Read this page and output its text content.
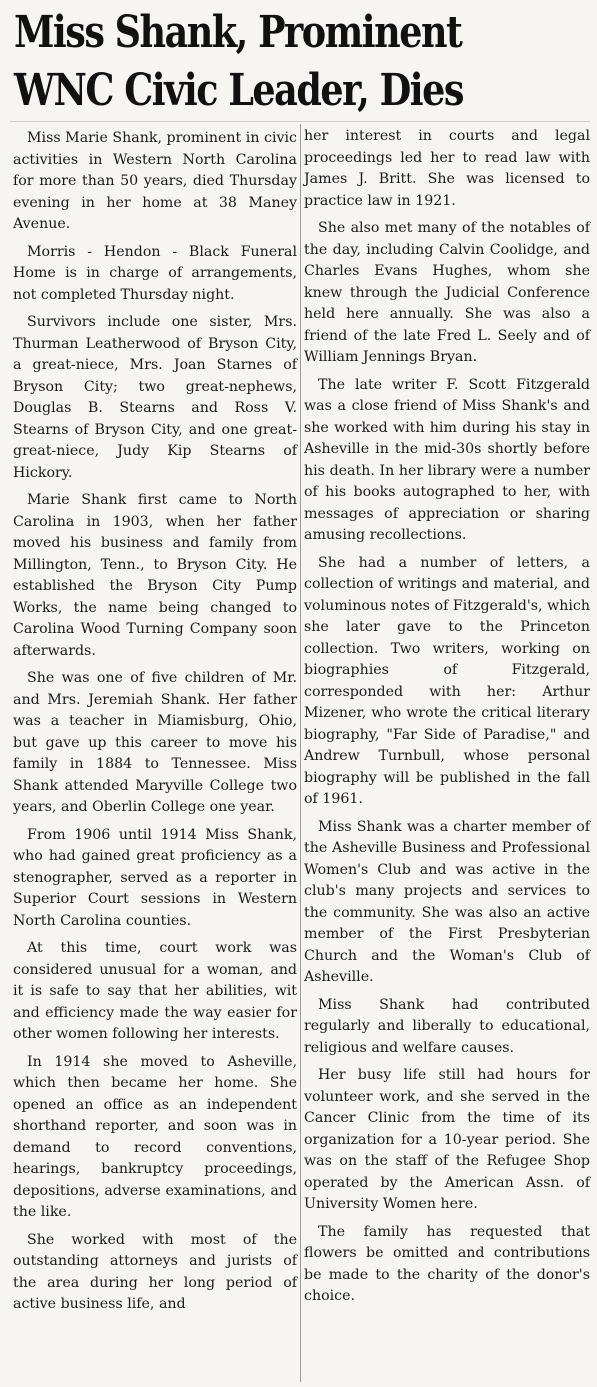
Miss Shank, Prominent
WNC Civic Leader, Dies

Miss Marie Shank, prominent in civic activities in Western North Carolina for more than 50 years, died Thursday evening in her home at 38 Maney Avenue.

Morris - Hendon - Black Funeral Home is in charge of arrangements, not completed Thursday night.

Survivors include one sister, Mrs. Thurman Leatherwood of Bryson City, a great-niece, Mrs. Joan Starnes of Bryson City; two great-nephews, Douglas B. Stearns and Ross V. Stearns of Bryson City, and one great-great-niece, Judy Kip Stearns of Hickory.

Marie Shank first came to North Carolina in 1903, when her father moved his business and family from Millington, Tenn., to Bryson City. He established the Bryson City Pump Works, the name being changed to Carolina Wood Turning Company soon afterwards.

She was one of five children of Mr. and Mrs. Jeremiah Shank. Her father was a teacher in Miamisburg, Ohio, but gave up this career to move his family in 1884 to Tennessee. Miss Shank attended Maryville College two years, and Oberlin College one year.

From 1906 until 1914 Miss Shank, who had gained great proficiency as a stenographer, served as a reporter in Superior Court sessions in Western North Carolina counties.

At this time, court work was considered unusual for a woman, and it is safe to say that her abilities, wit and efficiency made the way easier for other women following her interests.

In 1914 she moved to Asheville, which then became her home. She opened an office as an independent shorthand reporter, and soon was in demand to record conventions, hearings, bankruptcy proceedings, depositions, adverse examinations, and the like.

She worked with most of the outstanding attorneys and jurists of the area during her long period of active business life, and

her interest in courts and legal proceedings led her to read law with James J. Britt. She was licensed to practice law in 1921.

She also met many of the notables of the day, including Calvin Coolidge, and Charles Evans Hughes, whom she knew through the Judicial Conference held here annually. She was also a friend of the late Fred L. Seely and of William Jennings Bryan.

The late writer F. Scott Fitzgerald was a close friend of Miss Shank's and she worked with him during his stay in Asheville in the mid-30s shortly before his death. In her library were a number of his books autographed to her, with messages of appreciation or sharing amusing recollections.

She had a number of letters, a collection of writings and material, and voluminous notes of Fitzgerald's, which she later gave to the Princeton collection. Two writers, working on biographies of Fitzgerald, corresponded with her: Arthur Mizener, who wrote the critical literary biography, "Far Side of Paradise," and Andrew Turnbull, whose personal biography will be published in the fall of 1961.

Miss Shank was a charter member of the Asheville Business and Professional Women's Club and was active in the club's many projects and services to the community. She was also an active member of the First Presbyterian Church and the Woman's Club of Asheville.

Miss Shank had contributed regularly and liberally to educational, religious and welfare causes.

Her busy life still had hours for volunteer work, and she served in the Cancer Clinic from the time of its organization for a 10-year period. She was on the staff of the Refugee Shop operated by the American Assn. of University Women here.

The family has requested that flowers be omitted and contributions be made to the charity of the donor's choice.
